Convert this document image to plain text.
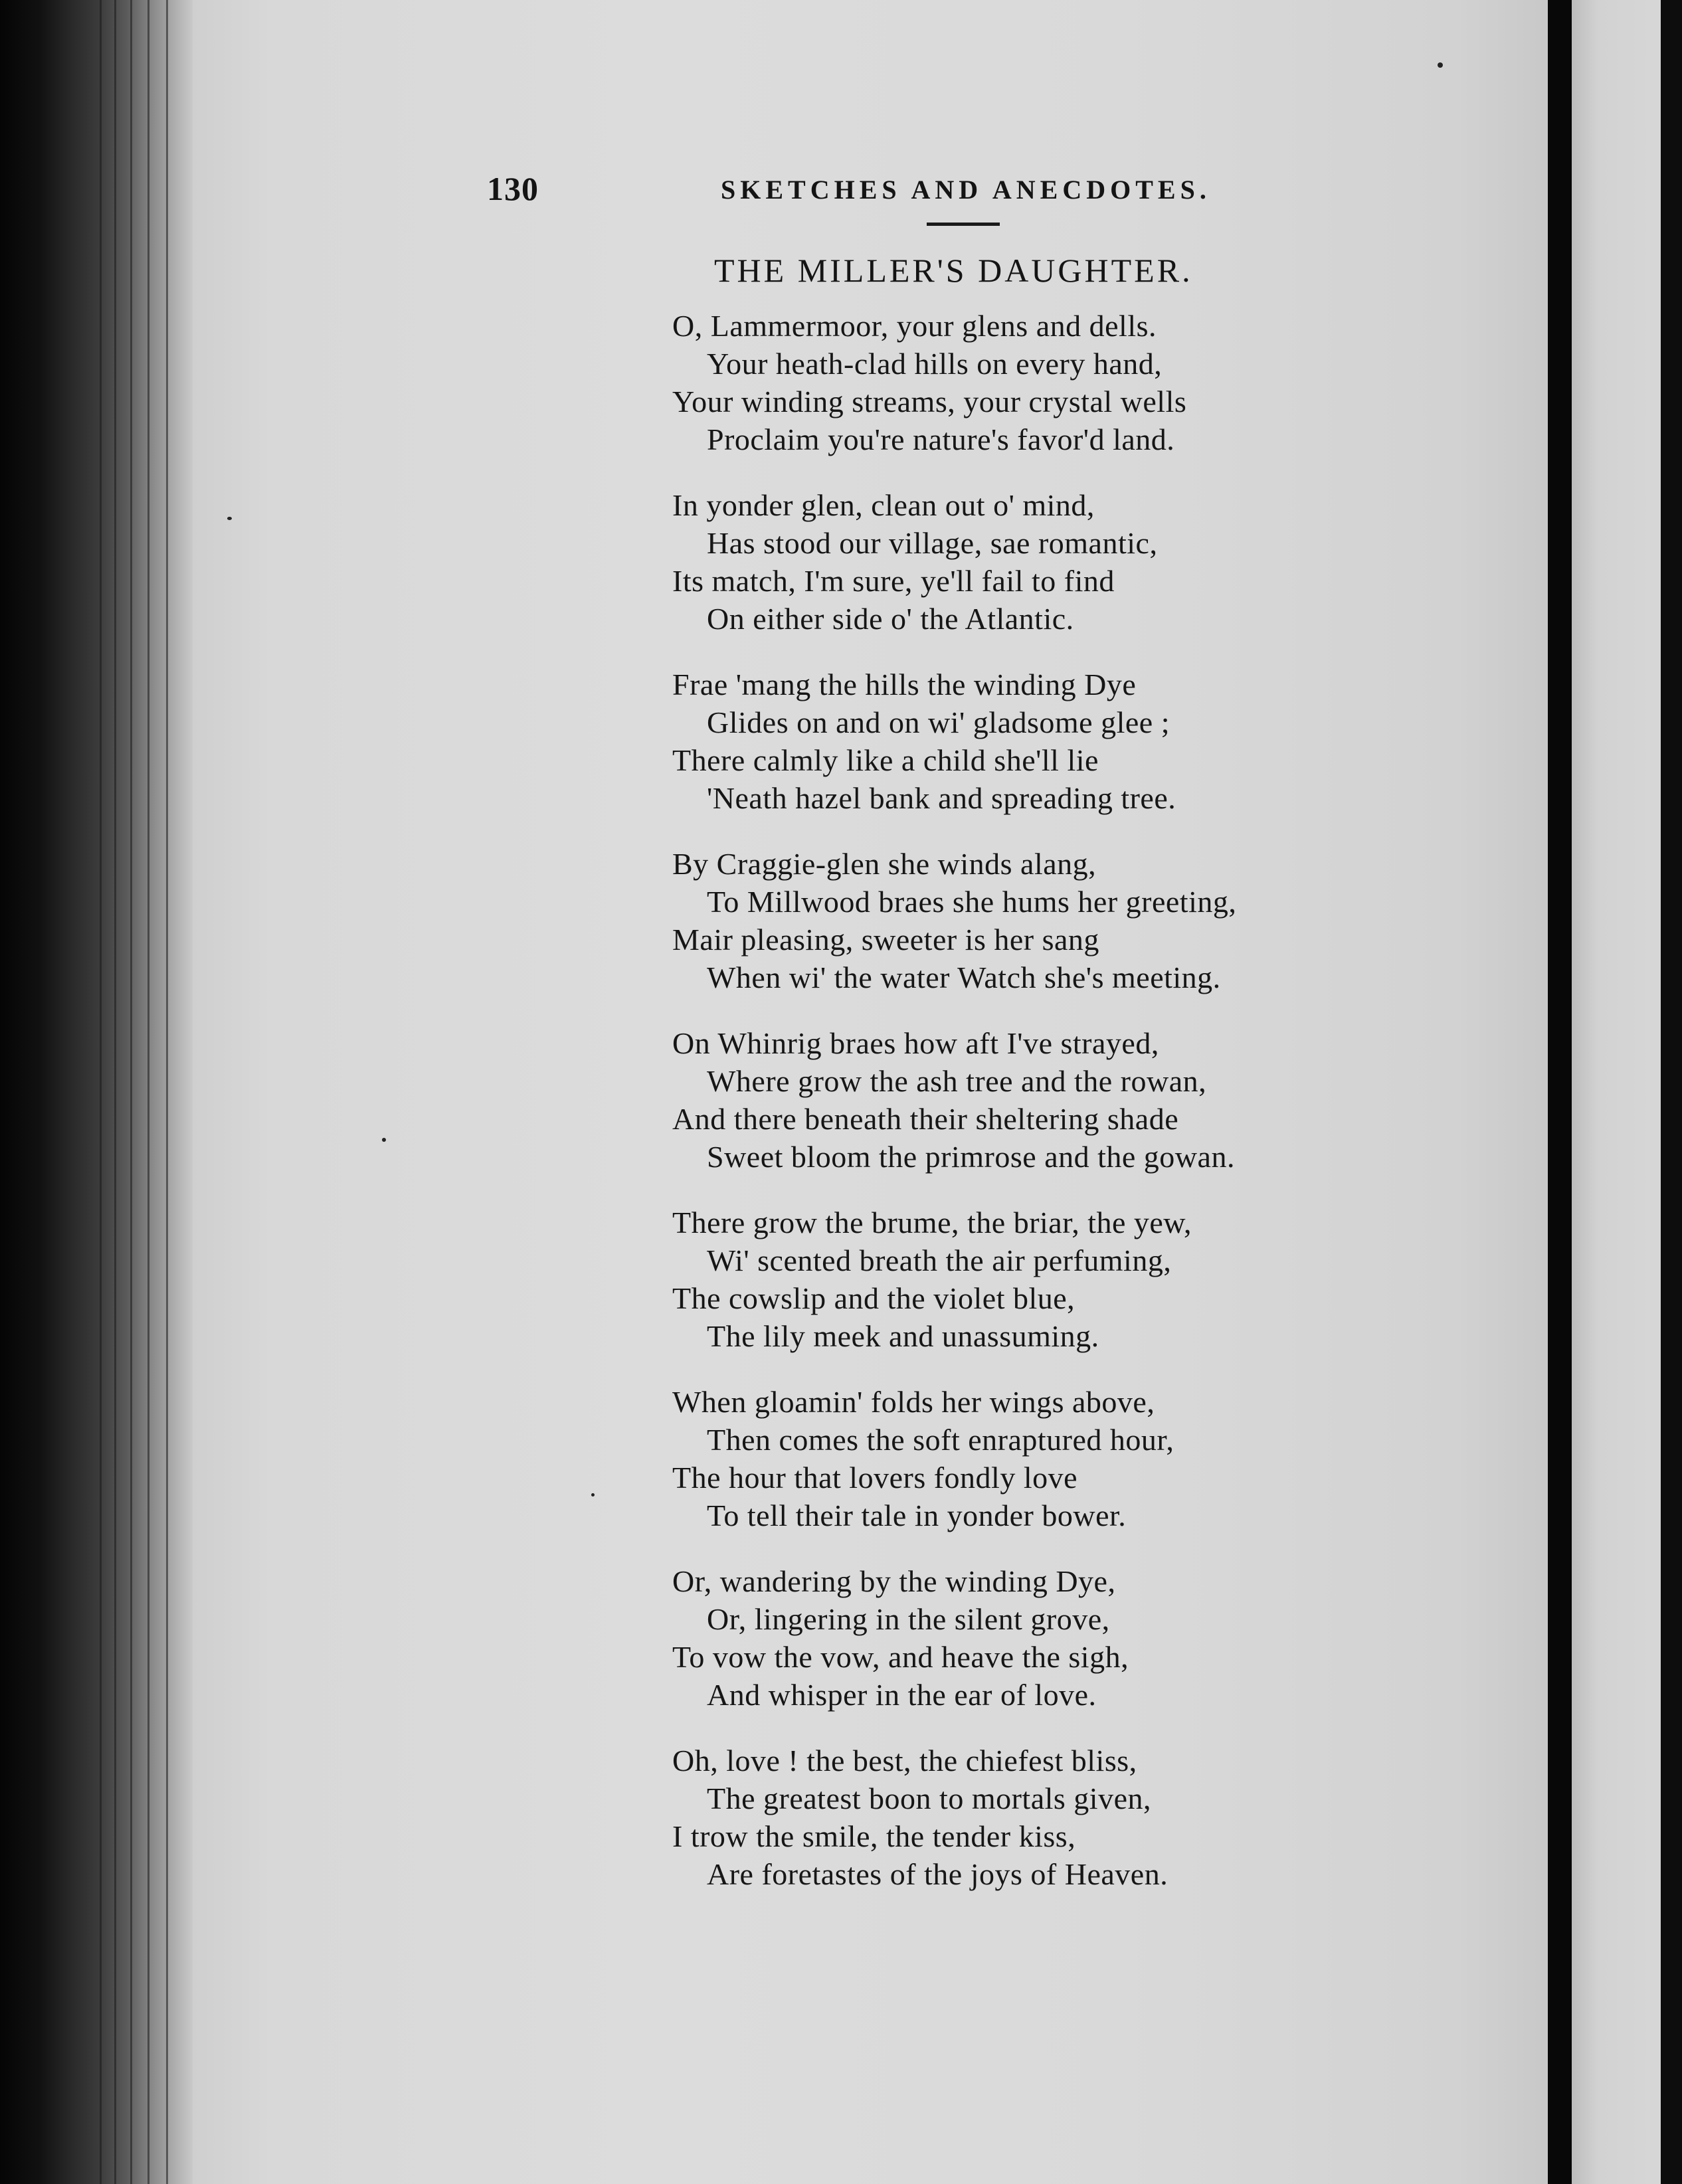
130	SKETCHES AND ANECDOTES.
THE MILLER'S DAUGHTER.
O, Lammermoor, your glens and dells.
Your heath-clad hills on every hand,
Your winding streams, your crystal wells
Proclaim you're nature's favor'd land.
In yonder glen, clean out o' mind,
Has stood our village, sae romantic,
Its match, I'm sure, ye'll fail to find
On either side o' the Atlantic.
Frae 'mang the hills the winding Dye
Glides on and on wi' gladsome glee ;
There calmly like a child she'll lie
'Neath hazel bank and spreading tree.
By Craggie-glen she winds alang,
To Millwood braes she hums her greeting,
Mair pleasing, sweeter is her sang
When wi' the water Watch she's meeting.
On Whinrig braes how aft I've strayed,
Where grow the ash tree and the rowan,
And there beneath their sheltering shade
Sweet bloom the primrose and the gowan.
There grow the brume, the briar, the yew,
Wi' scented breath the air perfuming,
The cowslip and the violet blue,
The lily meek and unassuming.
When gloamin' folds her wings above,
Then comes the soft enraptured hour,
The hour that lovers fondly love
To tell their tale in yonder bower.
Or, wandering by the winding Dye,
Or, lingering in the silent grove,
To vow the vow, and heave the sigh,
And whisper in the ear of love.
Oh, love ! the best, the chiefest bliss,
The greatest boon to mortals given,
I trow the smile, the tender kiss,
Are foretastes of the joys of Heaven.
